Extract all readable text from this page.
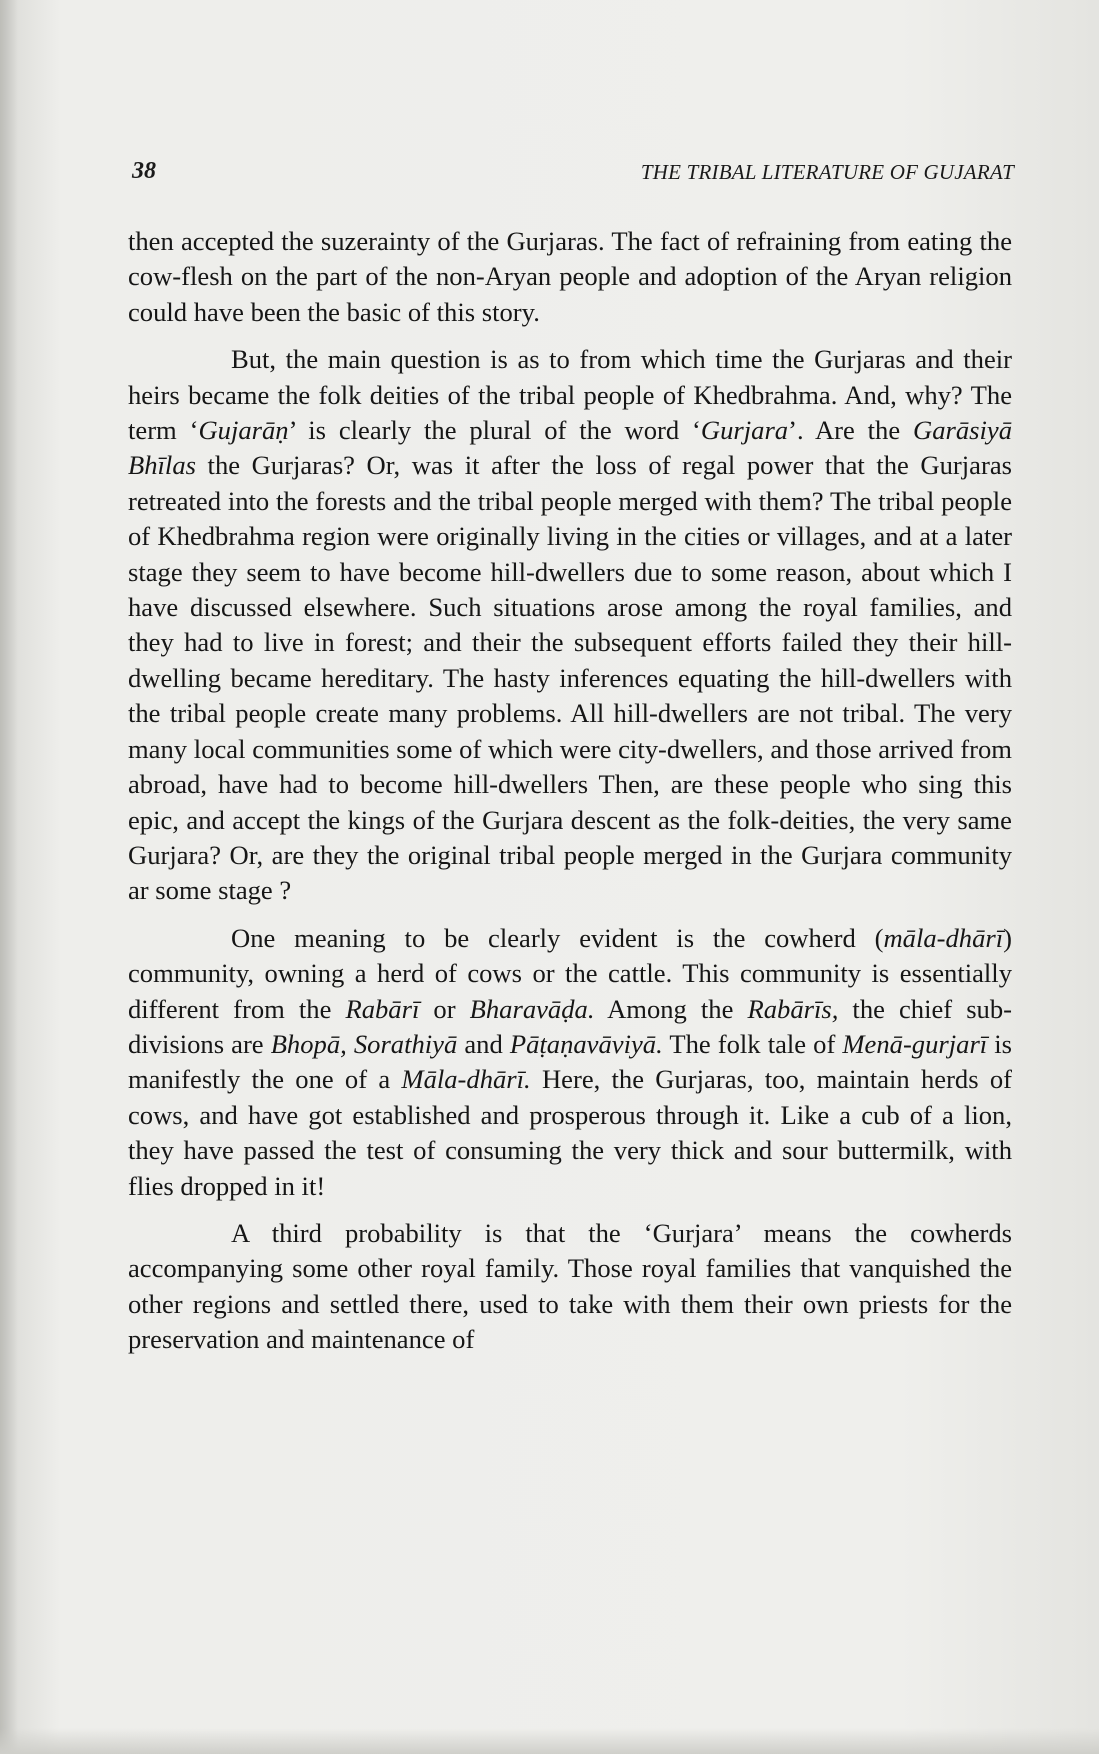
38	THE TRIBAL LITERATURE OF GUJARAT

then accepted the suzerainty of the Gurjaras. The fact of refraining from eating the cow-flesh on the part of the non-Aryan people and adoption of the Aryan religion could have been the basic of this story.

But, the main question is as to from which time the Gurjaras and their heirs became the folk deities of the tribal people of Khedbrahma. And, why? The term ‘Gujarāṇ’ is clearly the plural of the word ‘Gurjara’. Are the Garāsiyā Bhīlas the Gurjaras? Or, was it after the loss of regal power that the Gurjaras retreated into the forests and the tribal people merged with them? The tribal people of Khedbrahma region were originally living in the cities or villages, and at a later stage they seem to have become hill-dwellers due to some reason, about which I have discussed elsewhere. Such situations arose among the royal families, and they had to live in forest; and their the subsequent efforts failed they their hill-dwelling became hereditary. The hasty inferences equating the hill-dwellers with the tribal people create many problems. All hill-dwellers are not tribal. The very many local communities some of which were city-dwellers, and those arrived from abroad, have had to become hill-dwellers Then, are these people who sing this epic, and accept the kings of the Gurjara descent as the folk-deities, the very same Gurjara? Or, are they the original tribal people merged in the Gurjara community ar some stage ?

One meaning to be clearly evident is the cowherd (māla-dhārī) community, owning a herd of cows or the cattle. This community is essentially different from the Rabārī or Bharavāḍa. Among the Rabārīs, the chief sub-divisions are Bhopā, Sorathiyā and Pāṭaṇavāviyā. The folk tale of Menā-gurjarī is manifestly the one of a Māla-dhārī. Here, the Gurjaras, too, maintain herds of cows, and have got established and prosperous through it. Like a cub of a lion, they have passed the test of consuming the very thick and sour buttermilk, with flies dropped in it!

A third probability is that the ‘Gurjara’ means the cowherds accompanying some other royal family. Those royal families that vanquished the other regions and settled there, used to take with them their own priests for the preservation and maintenance of
